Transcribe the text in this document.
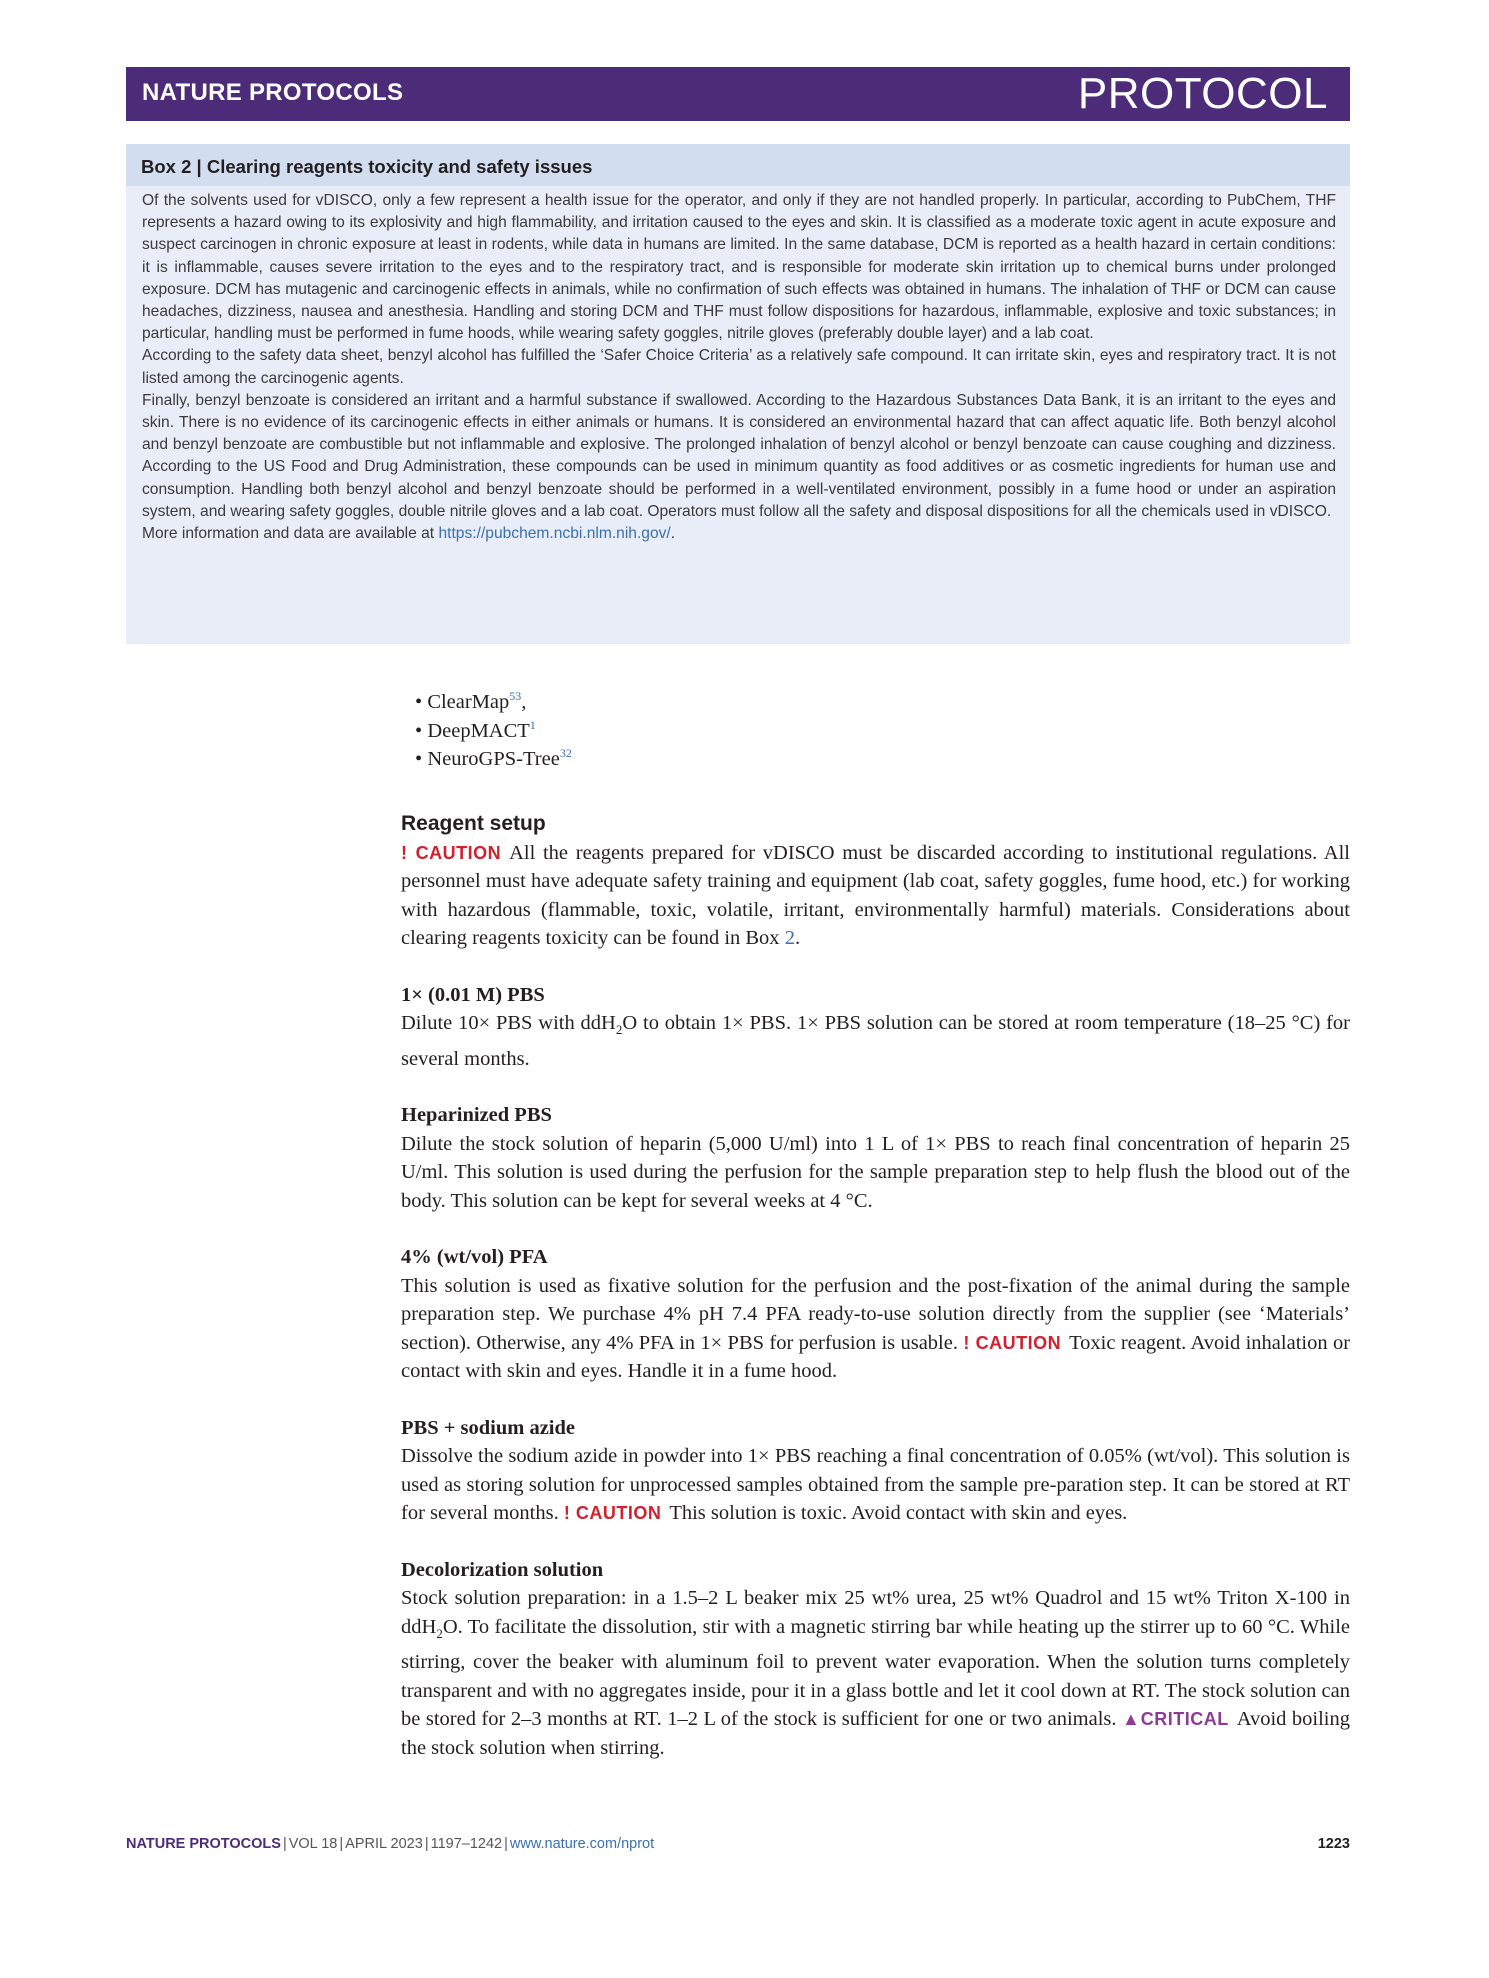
NATURE PROTOCOLS	PROTOCOL
Box 2 | Clearing reagents toxicity and safety issues

Of the solvents used for vDISCO, only a few represent a health issue for the operator, and only if they are not handled properly. In particular, according to PubChem, THF represents a hazard owing to its explosivity and high flammability, and irritation caused to the eyes and skin. It is classified as a moderate toxic agent in acute exposure and suspect carcinogen in chronic exposure at least in rodents, while data in humans are limited. In the same database, DCM is reported as a health hazard in certain conditions: it is inflammable, causes severe irritation to the eyes and to the respiratory tract, and is responsible for moderate skin irritation up to chemical burns under prolonged exposure. DCM has mutagenic and carcinogenic effects in animals, while no confirmation of such effects was obtained in humans. The inhalation of THF or DCM can cause headaches, dizziness, nausea and anesthesia. Handling and storing DCM and THF must follow dispositions for hazardous, inflammable, explosive and toxic substances; in particular, handling must be performed in fume hoods, while wearing safety goggles, nitrile gloves (preferably double layer) and a lab coat.

According to the safety data sheet, benzyl alcohol has fulfilled the ‘Safer Choice Criteria’ as a relatively safe compound. It can irritate skin, eyes and respiratory tract. It is not listed among the carcinogenic agents.

Finally, benzyl benzoate is considered an irritant and a harmful substance if swallowed. According to the Hazardous Substances Data Bank, it is an irritant to the eyes and skin. There is no evidence of its carcinogenic effects in either animals or humans. It is considered an environmental hazard that can affect aquatic life. Both benzyl alcohol and benzyl benzoate are combustible but not inflammable and explosive. The prolonged inhalation of benzyl alcohol or benzyl benzoate can cause coughing and dizziness. According to the US Food and Drug Administration, these compounds can be used in minimum quantity as food additives or as cosmetic ingredients for human use and consumption. Handling both benzyl alcohol and benzyl benzoate should be performed in a well-ventilated environment, possibly in a fume hood or under an aspiration system, and wearing safety goggles, double nitrile gloves and a lab coat. Operators must follow all the safety and disposal dispositions for all the chemicals used in vDISCO.

More information and data are available at https://pubchem.ncbi.nlm.nih.gov/.

• ClearMap$^{53}$,
• DeepMACT$^1$
• NeuroGPS-Tree$^{32}$
Reagent setup

! CAUTION All the reagents prepared for vDISCO must be discarded according to institutional regulations. All personnel must have adequate safety training and equipment (lab coat, safety goggles, fume hood, etc.) for working with hazardous (flammable, toxic, volatile, irritant, environmentally harmful) materials. Considerations about clearing reagents toxicity can be found in Box 2.

1× (0.01 M) PBS

Dilute 10× PBS with ddH$_2$O to obtain 1× PBS. 1× PBS solution can be stored at room temperature (18–25 °C) for several months.

Heparinized PBS

Dilute the stock solution of heparin (5,000 U/ml) into 1 L of 1× PBS to reach final concentration of heparin 25 U/ml. This solution is used during the perfusion for the sample preparation step to help flush the blood out of the body. This solution can be kept for several weeks at 4 °C.

4% (wt/vol) PFA

This solution is used as fixative solution for the perfusion and the post-fixation of the animal during the sample preparation step. We purchase 4% pH 7.4 PFA ready-to-use solution directly from the supplier (see ‘Materials’ section). Otherwise, any 4% PFA in 1× PBS for perfusion is usable. ! CAUTION Toxic reagent. Avoid inhalation or contact with skin and eyes. Handle it in a fume hood.

PBS + sodium azide

Dissolve the sodium azide in powder into 1× PBS reaching a final concentration of 0.05% (wt/vol). This solution is used as storing solution for unprocessed samples obtained from the sample pre-paration step. It can be stored at RT for several months. ! CAUTION This solution is toxic. Avoid contact with skin and eyes.

Decolorization solution

Stock solution preparation: in a 1.5–2 L beaker mix 25 wt% urea, 25 wt% Quadrol and 15 wt% Triton X-100 in ddH$_2$O. To facilitate the dissolution, stir with a magnetic stirring bar while heating up the stirrer up to 60 °C. While stirring, cover the beaker with aluminum foil to prevent water evaporation. When the solution turns completely transparent and with no aggregates inside, pour it in a glass bottle and let it cool down at RT. The stock solution can be stored for 2–3 months at RT. 1–2 L of the stock is sufficient for one or two animals. ▲CRITICAL Avoid boiling the stock solution when stirring.

NATURE PROTOCOLS | VOL 18 | APRIL 2023 | 1197–1242 | www.nature.com/nprot	1223
